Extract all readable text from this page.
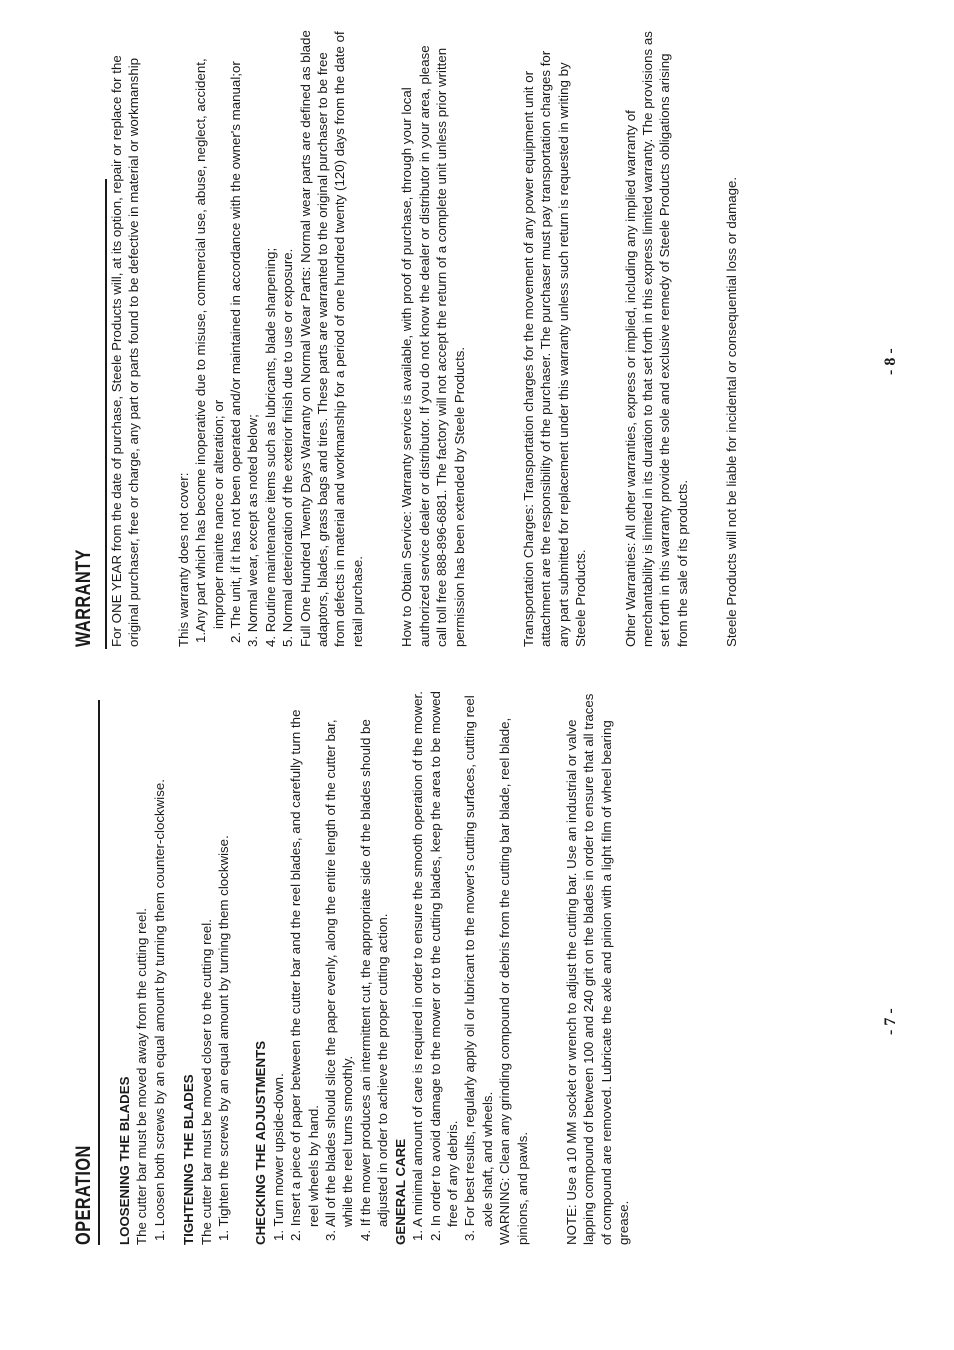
OPERATION LOOSENING THE BLADES The cutter bar must be moved away from the cutting reel. 1. Loosen both screws by an equal amount by turning them counter-clockwise. TIGHTENING THE BLADES The cutter bar must be moved closer to the cutting reel. 1. Tighten the screws by an equal amount by turning them clockwise. CHECKING THE ADJUSTMENTS 1. Turn mower upside-down. 2. Insert a piece of paper between the cutter bar and the reel blades, and carefully turn the reel wheels by hand. 3. All of the blades should slice the paper evenly, along the entire length of the cutter bar, while the reel turns smoothly. 4. If the mower produces an intermittent cut, the appropriate side of the blades should be adjusted in order to achieve the proper cutting action. GENERAL CARE 1. A minimal amount of care is required in order to ensure the smooth operation of the mower. 2. In order to avoid damage to the mower or to the cutting blades, keep the area to be mowed free of any debris. 3. For best results, regularly apply oil or lubricant to the mower's cutting surfaces, cutting reel axle shaft, and wheels. WARNING: Clean any grinding compound or debris from the cutting bar blade, reel blade, pinions, and pawls.	NOTE: Use a 10 MM socket or wrench to adjust the cutting bar. Use an industrial or valve lapping compound of between 100 and 240 grit on the blades in order to ensure that all traces of compound are removed. Lubricate the axle and pinion with a light film of wheel bearing grease.

- 7 -
WARRANTY For ONE YEAR from the date of purchase, Steele Products will, at its option, repair or replace for the original purchaser, free or charge, any part or parts found to be defective in material or workmanship	This warranty does not cover: 1.Any part which has become inoperative due to misuse, commercial use, abuse, neglect, accident, improper mainte nance or alteration; or 2. The unit, if it has not been operated and/or maintained in accordance with the owner's manual;or 3. Normal wear, except as noted below; 4. Routine maintenance items such as lubricants, blade sharpening; 5. Normal deterioration of the exterior finish due to use or exposure. Full One Hundred Twenty Days Warranty on Normal Wear Parts: Normal wear parts are defined as blade adaptors, blades, grass bags and tires. These parts are warranted to the original purchaser to be free from defects in material and workmanship for a period of one hundred twenty (120) days from the date of retail purchase.	How to Obtain Service: Warranty service is available, with proof of purchase, through your local authorized service dealer or distributor. If you do not know the dealer or distributor in your area, please call toll free 888-896-6881. The factory will not accept the return of a complete unit unless prior written permission has been extended by Steele Products.	Transportation Charges: Transportation charges for the movement of any power equipment unit or attachment are the responsibility of the purchaser. The purchaser must pay transportation charges for any part submitted for replacement under this warranty unless such return is requested in writing by Steele Products.	Other Warranties: All other warranties, express or implied, including any implied warranty of merchantability is limited in its duration to that set forth in this express limited warranty. The provisions as set forth in this warranty provide the sole and exclusive remedy of Steele Products obligations arising from the sale of its products.	Steele Products will not be liable for incidental or consequential loss or damage.	- 8 -
